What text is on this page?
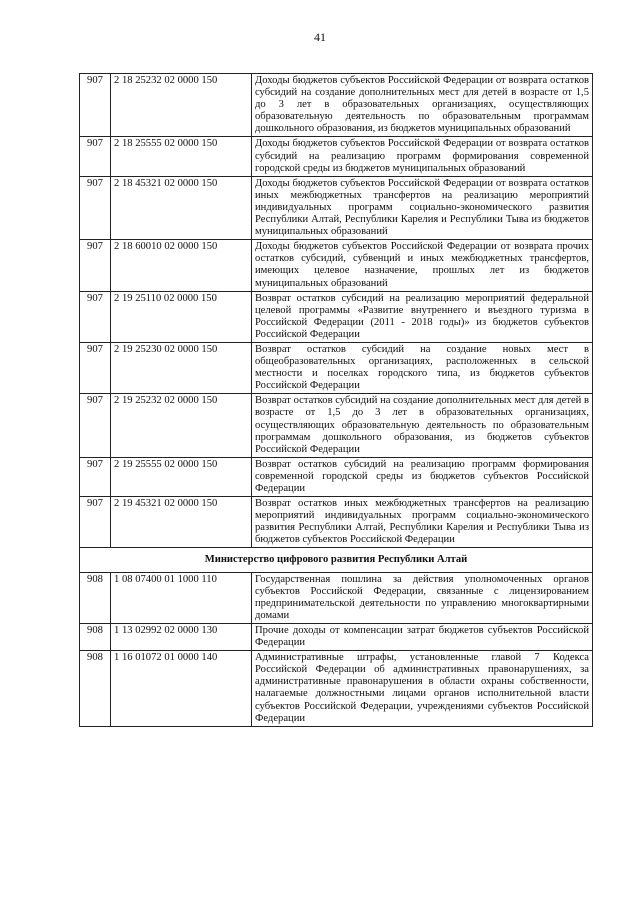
41
907	2 18 25232 02 0000 150	Доходы бюджетов субъектов Российской Федерации от возврата остатков субсидий на создание дополнительных мест для детей в возрасте от 1,5 до 3 лет в образовательных организациях, осуществляющих образовательную деятельность по образовательным программам дошкольного образования, из бюджетов муниципальных образований
907	2 18 25555 02 0000 150	Доходы бюджетов субъектов Российской Федерации от возврата остатков субсидий на реализацию программ формирования современной городской среды из бюджетов муниципальных образований
907	2 18 45321 02 0000 150	Доходы бюджетов субъектов Российской Федерации от возврата остатков иных межбюджетных трансфертов на реализацию мероприятий индивидуальных программ социально-экономического развития Республики Алтай, Республики Карелия и Республики Тыва из бюджетов муниципальных образований
907	2 18 60010 02 0000 150	Доходы бюджетов субъектов Российской Федерации от возврата прочих остатков субсидий, субвенций и иных межбюджетных трансфертов, имеющих целевое назначение, прошлых лет из бюджетов муниципальных образований
907	2 19 25110 02 0000 150	Возврат остатков субсидий на реализацию мероприятий федеральной целевой программы «Развитие внутреннего и въездного туризма в Российской Федерации (2011 - 2018 годы)» из бюджетов субъектов Российской Федерации
907	2 19 25230 02 0000 150	Возврат остатков субсидий на создание новых мест в общеобразовательных организациях, расположенных в сельской местности и поселках городского типа, из бюджетов субъектов Российской Федерации
907	2 19 25232 02 0000 150	Возврат остатков субсидий на создание дополнительных мест для детей в возрасте от 1,5 до 3 лет в образовательных организациях, осуществляющих образовательную деятельность по образовательным программам дошкольного образования, из бюджетов субъектов Российской Федерации
907	2 19 25555 02 0000 150	Возврат остатков субсидий на реализацию программ формирования современной городской среды из бюджетов субъектов Российской Федерации
907	2 19 45321 02 0000 150	Возврат остатков иных межбюджетных трансфертов на реализацию мероприятий индивидуальных программ социально-экономического развития Республики Алтай, Республики Карелия и Республики Тыва из бюджетов субъектов Российской Федерации
Министерство цифрового развития Республики Алтай		
908	1 08 07400 01 1000 110	Государственная пошлина за действия уполномоченных органов субъектов Российской Федерации, связанные с лицензированием предпринимательской деятельности по управлению многоквартирными домами
908	1 13 02992 02 0000 130	Прочие доходы от компенсации затрат бюджетов субъектов Российской Федерации
908	1 16 01072 01 0000 140	Административные штрафы, установленные главой 7 Кодекса Российской Федерации об административных правонарушениях, за административные правонарушения в области охраны собственности, налагаемые должностными лицами органов исполнительной власти субъектов Российской Федерации, учреждениями субъектов Российской Федерации
